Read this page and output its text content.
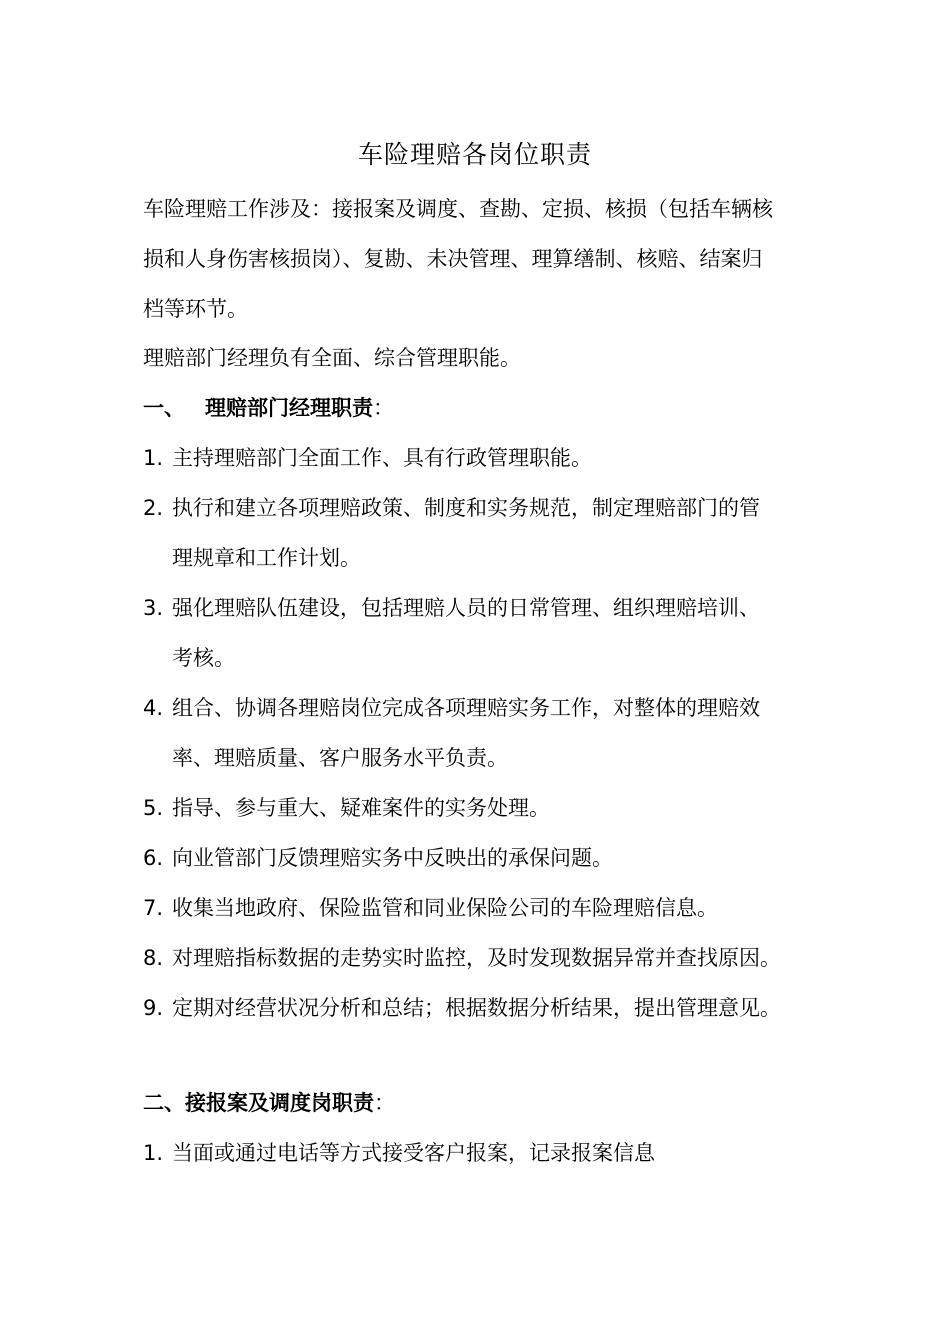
车险理赔各岗位职责
车险理赔工作涉及：接报案及调度、查勘、定损、核损（包括车辆核
损和人身伤害核损岗）、复勘、未决管理、理算缮制、核赔、结案归
档等环节。
理赔部门经理负有全面、综合管理职能。
一、 理赔部门经理职责：
1. 主持理赔部门全面工作、具有行政管理职能。
2. 执行和建立各项理赔政策、制度和实务规范，制定理赔部门的管
理规章和工作计划。
3. 强化理赔队伍建设，包括理赔人员的日常管理、组织理赔培训、
考核。
4. 组合、协调各理赔岗位完成各项理赔实务工作，对整体的理赔效
率、理赔质量、客户服务水平负责。
5. 指导、参与重大、疑难案件的实务处理。
6. 向业管部门反馈理赔实务中反映出的承保问题。
7. 收集当地政府、保险监管和同业保险公司的车险理赔信息。
8. 对理赔指标数据的走势实时监控，及时发现数据异常并查找原因。
9. 定期对经营状况分析和总结；根据数据分析结果，提出管理意见。
二、接报案及调度岗职责：
1. 当面或通过电话等方式接受客户报案，记录报案信息
